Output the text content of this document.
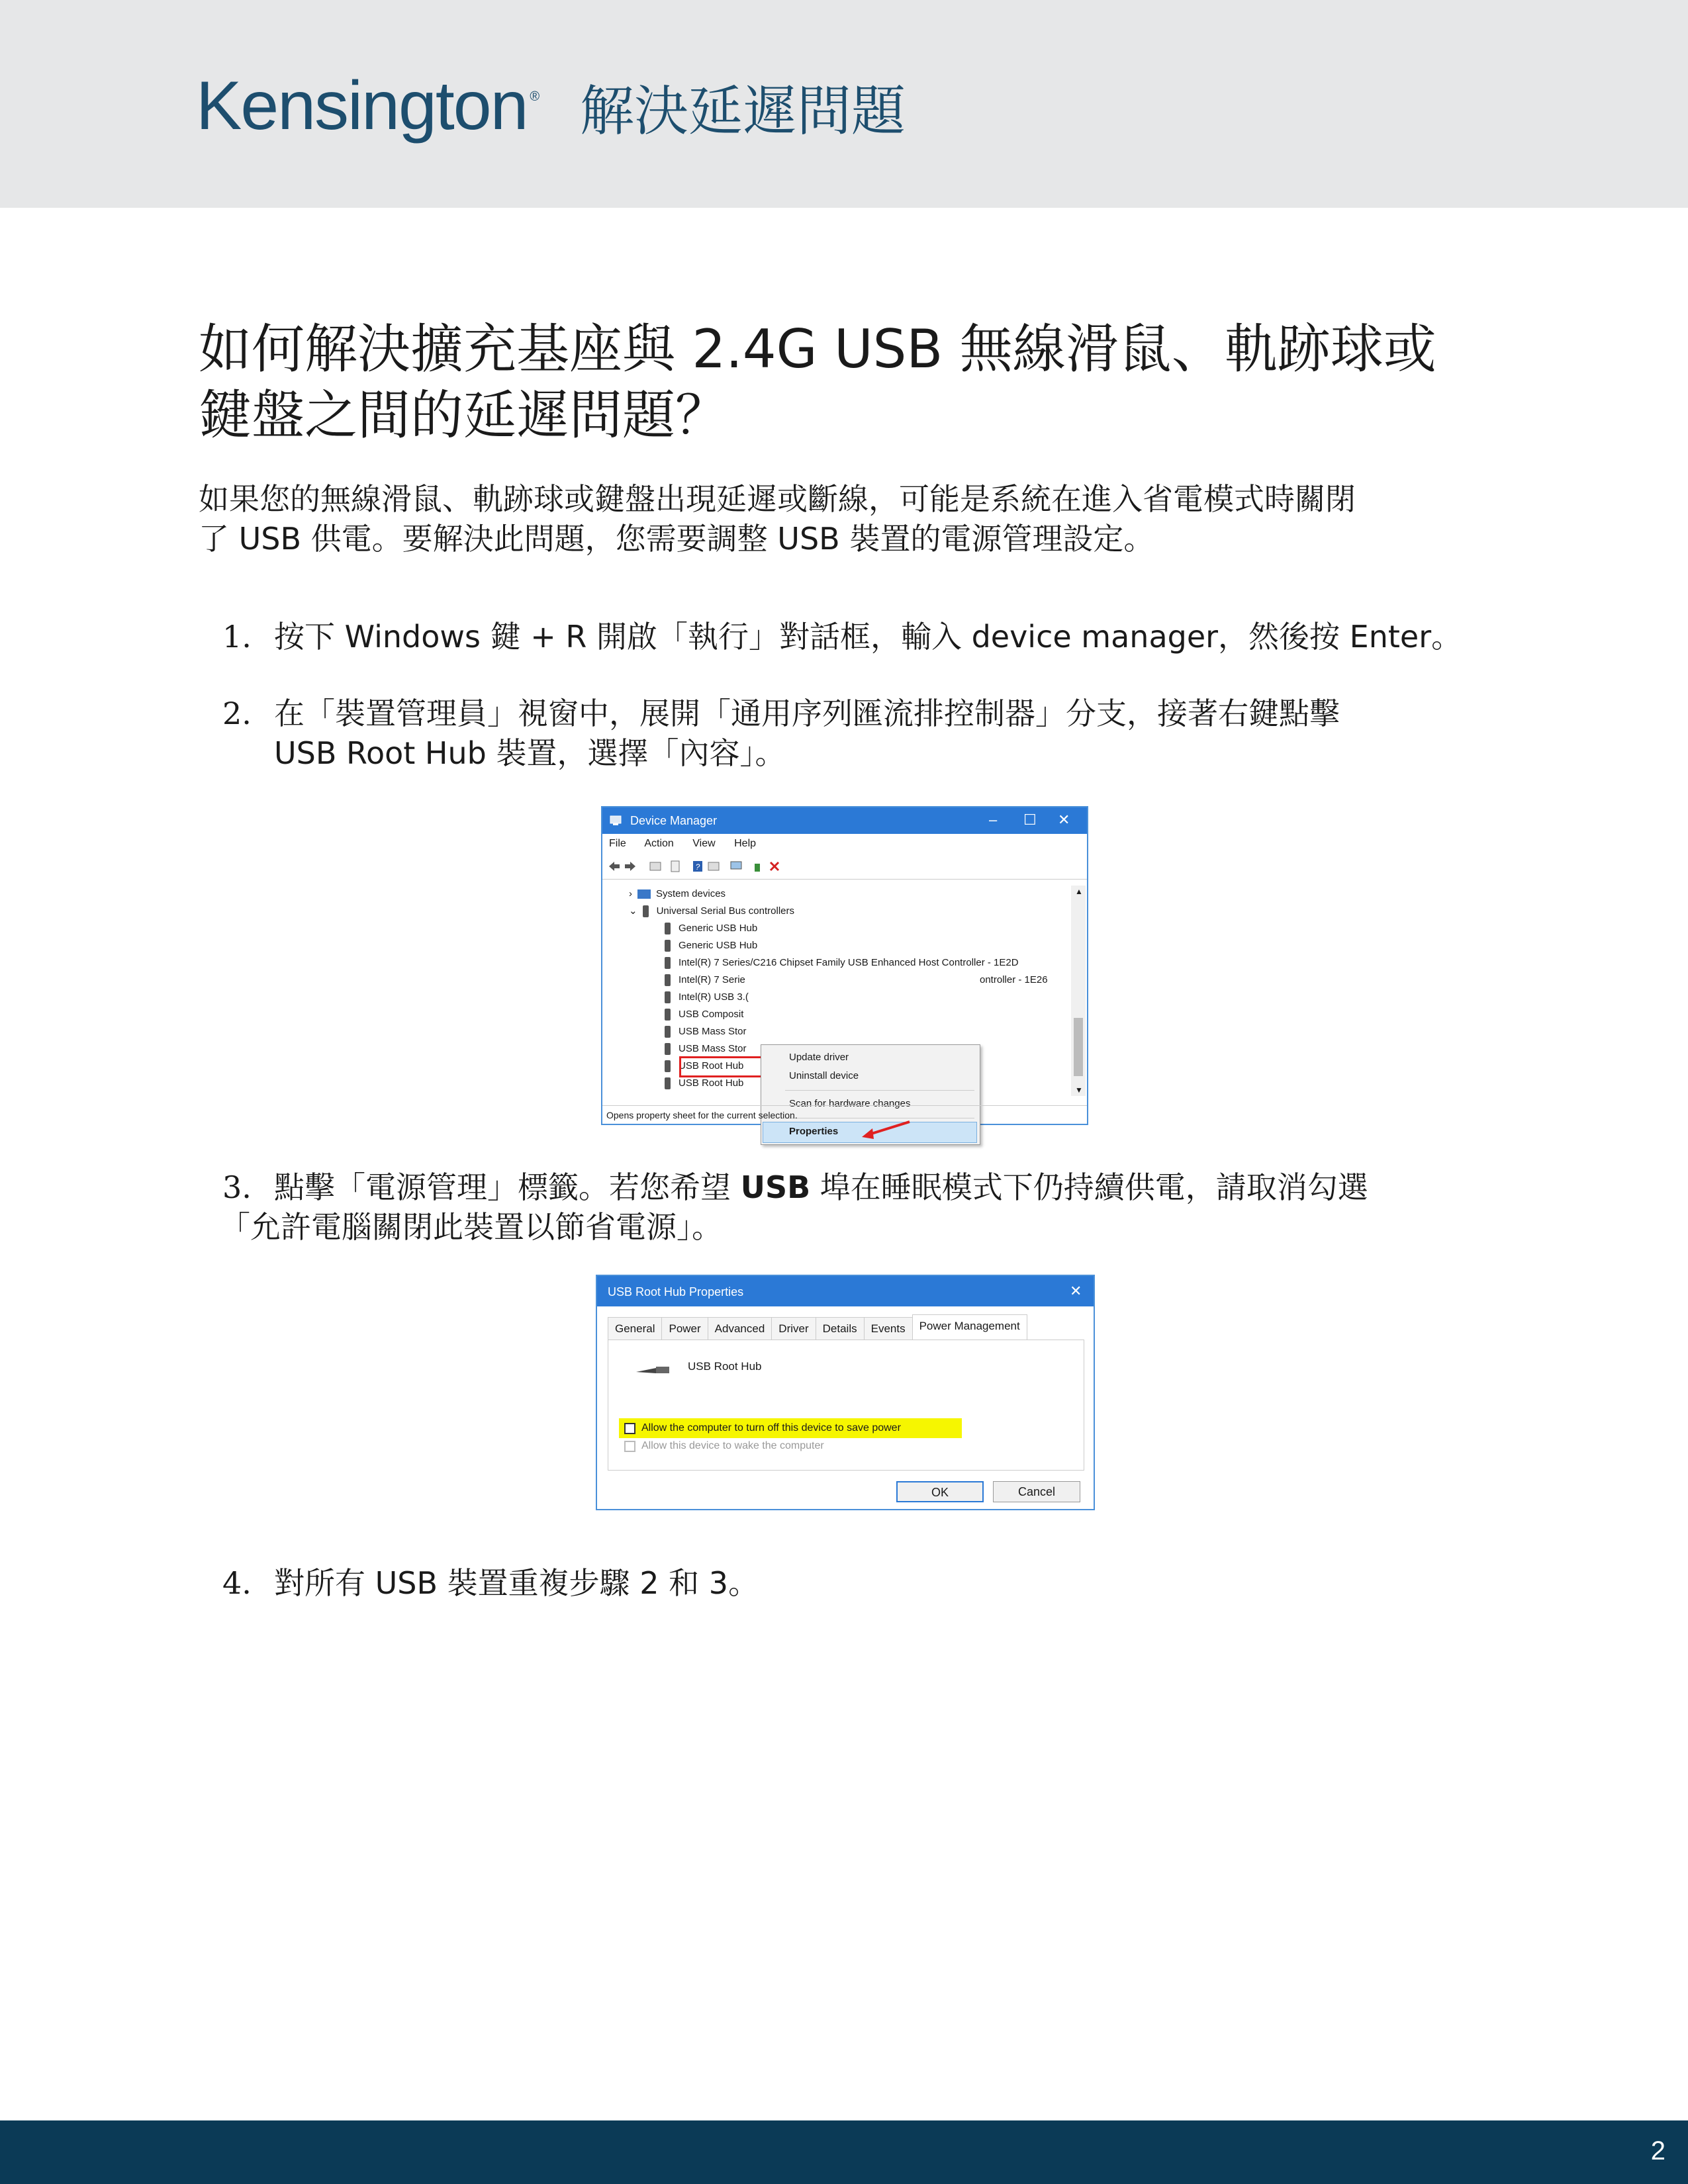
Kensington ® 解決延遲問題
如何解決擴充基座與 2.4G USB 無線滑鼠、軌跡球或
鍵盤之間的延遲問題？
如果您的無線滑鼠、軌跡球或鍵盤出現延遲或斷線，可能是系統在進入省電模式時關閉
了 USB 供電。要解決此問題，您需要調整 USB 裝置的電源管理設定。
1. 按下 Windows 鍵 + R 開啟「執行」對話框，輸入 device manager，然後按 Enter。
2. 在「裝置管理員」視窗中，展開「通用序列匯流排控制器」分支，接著右鍵點擊
USB Root Hub 裝置，選擇「內容」。
Device Manager	– ☐ ✕
File Action View Help
?
› System devices
⌄ Universal Serial Bus controllers
Generic USB Hub
Generic USB Hub
Intel(R) 7 Series/C216 Chipset Family USB Enhanced Host Controller - 1E2D
Intel(R) 7 Serie	ontroller - 1E26
Intel(R) USB 3.(
USB Composit
USB Mass Stor
USB Mass Stor
USB Root Hub
USB Root Hub
Update driver
Uninstall device
Scan for hardware changes
Properties
▲
▼
Opens property sheet for the current selection.
3. 點擊「電源管理」標籤。若您希望 USB 埠在睡眠模式下仍持續供電，請取消勾選
「允許電腦關閉此裝置以節省電源」。
USB Root Hub Properties	✕
General Power Advanced Driver Details Events Power Management
USB Root Hub
Allow the computer to turn off this device to save power
Allow this device to wake the computer
OK	Cancel
4. 對所有 USB 裝置重複步驟 2 和 3。
2
